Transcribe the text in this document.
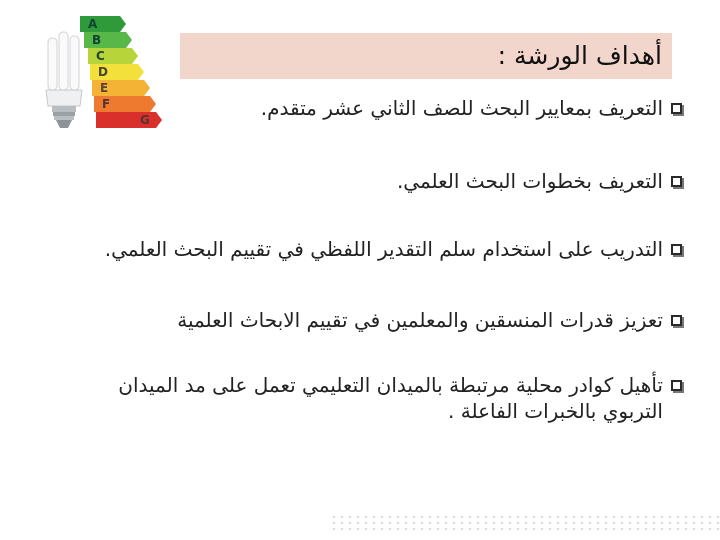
أهداف الورشة :
A
B
C
D
E
F
G	التعريف بمعايير البحث للصف الثاني عشر متقدم.
التعريف بخطوات البحث العلمي.
التدريب على استخدام سلم التقدير اللفظي في تقييم البحث العلمي.
تعزيز قدرات المنسقين والمعلمين في تقييم الابحاث العلمية
تأهيل كوادر محلية مرتبطة بالميدان التعليمي تعمل على مد الميدان التربوي بالخبرات الفاعلة .
